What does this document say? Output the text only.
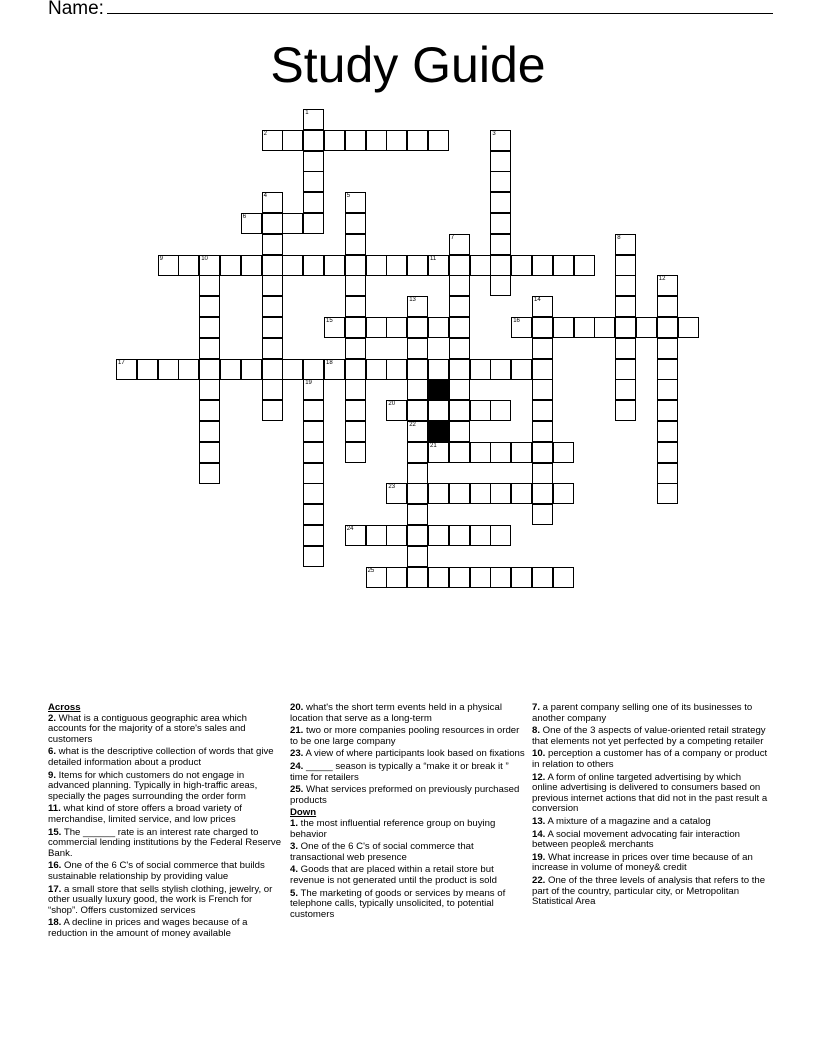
Name:
Study Guide
2
6
9	10	11
15	16
17	18
20
21
23
24
25
1
3
4	5
7	8
12
13
22
14
19
Across
2. What is a contiguous geographic area which accounts for the majority of a store's sales and customers
6. what is the descriptive collection of words that give detailed information about a product
9. Items for which customers do not engage in advanced planning. Typically in high-traffic areas, specially the pages surrounding the order form
11. what kind of store offers a broad variety of merchandise, limited service, and low prices
15. The ______ rate is an interest rate charged to commercial lending institutions by the Federal Reserve Bank.
16. One of the 6 C's of social commerce that builds sustainable relationship by providing value
17. a small store that sells stylish clothing, jewelry, or other usually luxury good, the work is French for “shop”. Offers customized services
18. A decline in prices and wages because of a reduction in the amount of money available
20. what's the short term events held in a physical location that serve as a long-term
21. two or more companies pooling resources in order to be one large company
23. A view of where participants look based on fixations
24. _____ season is typically a “make it or break it ” time for retailers
25. What services preformed on previously purchased products
Down
1. the most influential reference group on buying behavior
3. One of the 6 C's of social commerce that transactional web presence
4. Goods that are placed within a retail store but revenue is not generated until the product is sold
5. The marketing of goods or services by means of telephone calls, typically unsolicited, to potential customers
7. a parent company selling one of its businesses to another company
8. One of the 3 aspects of value-oriented retail strategy that elements not yet perfected by a competing retailer
10. perception a customer has of a company or product in relation to others
12. A form of online targeted advertising by which online advertising is delivered to consumers based on previous internet actions that did not in the past result a conversion
13. A mixture of a magazine and a catalog
14. A social movement advocating fair interaction between people& merchants
19. What increase in prices over time because of an increase in volume of money& credit
22. One of the three levels of analysis that refers to the part of the country, particular city, or Metropolitan Statistical Area
